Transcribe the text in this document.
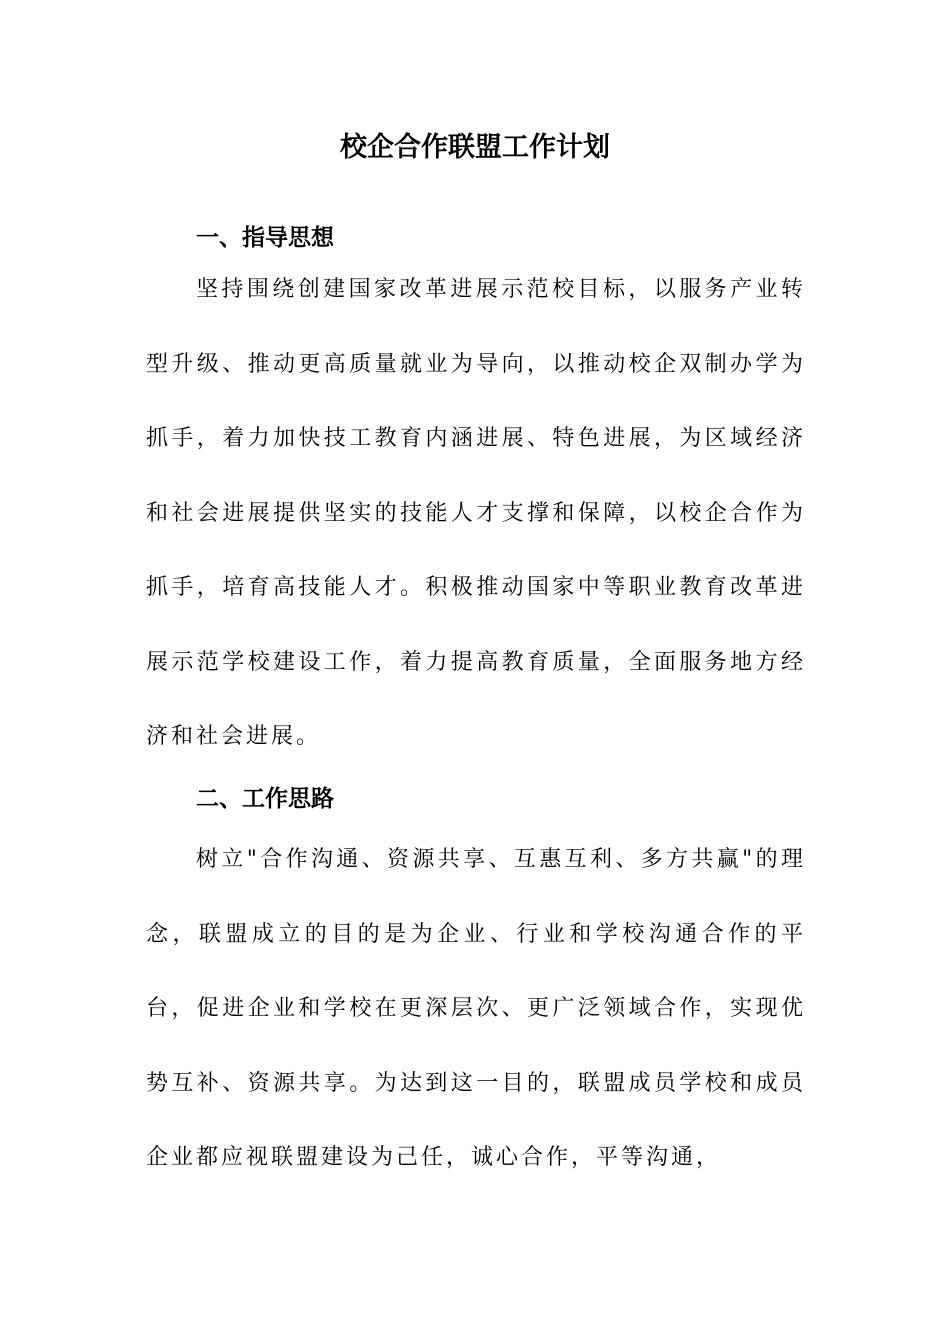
校企合作联盟工作计划
一、指导思想

坚持围绕创建国家改革进展示范校目标，以服务产业转型升级、推动更高质量就业为导向，以推动校企双制办学为抓手，着力加快技工教育内涵进展、特色进展，为区域经济和社会进展提供坚实的技能人才支撑和保障，以校企合作为抓手，培育高技能人才。积极推动国家中等职业教育改革进展示范学校建设工作，着力提高教育质量，全面服务地方经济和社会进展。

二、工作思路

树立"合作沟通、资源共享、互惠互利、多方共赢"的理念，联盟成立的目的是为企业、行业和学校沟通合作的平台，促进企业和学校在更深层次、更广泛领域合作，实现优势互补、资源共享。为达到这一目的，联盟成员学校和成员企业都应视联盟建设为己任，诚心合作，平等沟通，
